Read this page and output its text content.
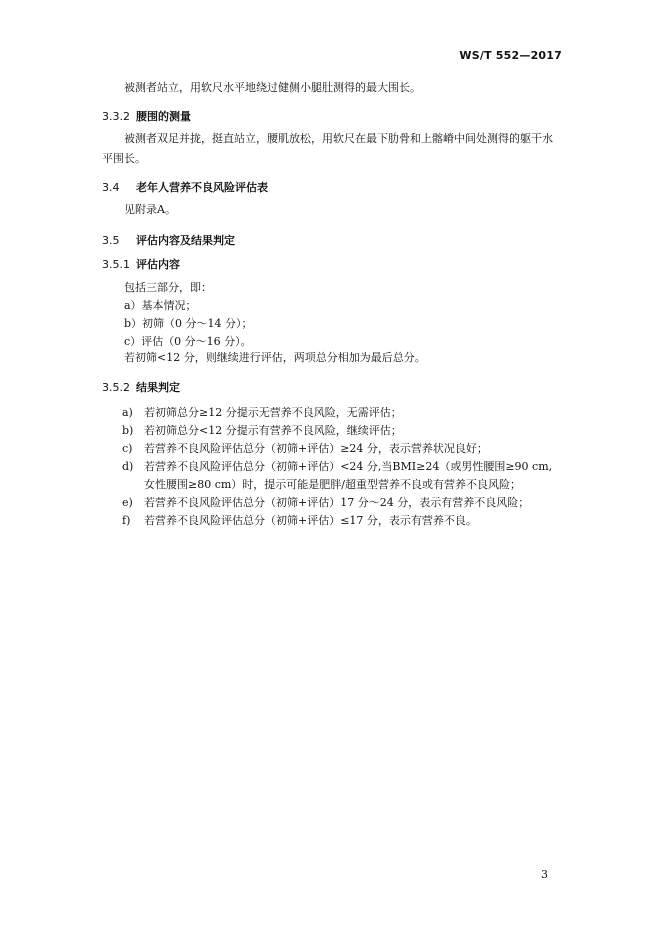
WS/T 552—2017
被测者站立，用软尺水平地绕过健侧小腿肚测得的最大围长。
3.3.2 腰围的测量
被测者双足并拢，挺直站立，腰肌放松，用软尺在最下肋骨和上髂嵴中间处测得的躯干水平围长。
3.4 老年人营养不良风险评估表
见附录A。
3.5 评估内容及结果判定
3.5.1 评估内容
包括三部分，即：
a）基本情况；
b）初筛（0 分～14 分）；
c）评估（0 分～16 分）。
若初筛<12 分，则继续进行评估，两项总分相加为最后总分。
3.5.2 结果判定
a) 若初筛总分≥12 分提示无营养不良风险，无需评估；
b) 若初筛总分<12 分提示有营养不良风险，继续评估；
c) 若营养不良风险评估总分（初筛+评估）≥24 分，表示营养状况良好；
d) 若营养不良风险评估总分（初筛+评估）<24 分,当BMI≥24（或男性腰围≥90 cm,
女性腰围≥80 cm）时，提示可能是肥胖/超重型营养不良或有营养不良风险；
e) 若营养不良风险评估总分（初筛+评估）17 分～24 分，表示有营养不良风险；
f) 若营养不良风险评估总分（初筛+评估）≤17 分，表示有营养不良。
3
